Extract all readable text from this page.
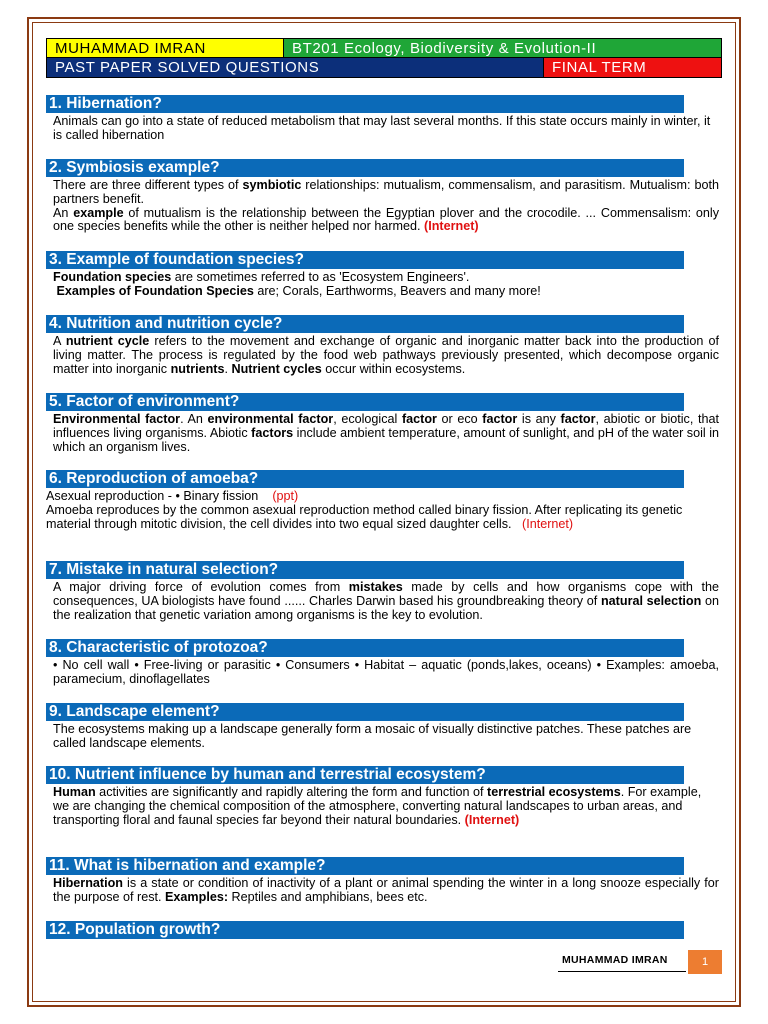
MUHAMMAD IMRAN	BT201 Ecology, Biodiversity & Evolution-II
PAST PAPER SOLVED QUESTIONS	FINAL TERM
1. Hibernation?

Animals can go into a state of reduced metabolism that may last several months. If this state occurs mainly in winter, it is called hibernation

2. Symbiosis example?

There are three different types of symbiotic relationships: mutualism, commensalism, and parasitism. Mutualism: both partners benefit.

An example of mutualism is the relationship between the Egyptian plover and the crocodile. ... Commensalism: only one species benefits while the other is neither helped nor harmed. (Internet)

3. Example of foundation species?

Foundation species are sometimes referred to as 'Ecosystem Engineers'.

Examples of Foundation Species are; Corals, Earthworms, Beavers and many more!

4. Nutrition and nutrition cycle?

A nutrient cycle refers to the movement and exchange of organic and inorganic matter back into the production of living matter. The process is regulated by the food web pathways previously presented, which decompose organic matter into inorganic nutrients. Nutrient cycles occur within ecosystems.

5. Factor of environment?

Environmental factor. An environmental factor, ecological factor or eco factor is any factor, abiotic or biotic, that influences living organisms. Abiotic factors include ambient temperature, amount of sunlight, and pH of the water soil in which an organism lives.

6. Reproduction of amoeba?

Asexual reproduction - • Binary fission    (ppt)

Amoeba reproduces by the common asexual reproduction method called binary fission. After replicating its genetic material through mitotic division, the cell divides into two equal sized daughter cells.   (Internet)

7. Mistake in natural selection?

A major driving force of evolution comes from mistakes made by cells and how organisms cope with the consequences, UA biologists have found ...... Charles Darwin based his groundbreaking theory of natural selection on the realization that genetic variation among organisms is the key to evolution.

8. Characteristic of protozoa?

• No cell wall • Free-living or parasitic • Consumers • Habitat – aquatic (ponds,lakes, oceans) • Examples: amoeba, paramecium, dinoflagellates

9. Landscape element?

The ecosystems making up a landscape generally form a mosaic of visually distinctive patches. These patches are called landscape elements.

10. Nutrient influence by human and terrestrial ecosystem?

Human activities are significantly and rapidly altering the form and function of terrestrial ecosystems. For example, we are changing the chemical composition of the atmosphere, converting natural landscapes to urban areas, and transporting floral and faunal species far beyond their natural boundaries. (Internet)

11. What is hibernation and example?

Hibernation is a state or condition of inactivity of a plant or animal spending the winter in a long snooze especially for the purpose of rest. Examples: Reptiles and amphibians, bees etc.

12. Population growth?
MUHAMMAD IMRAN	1
